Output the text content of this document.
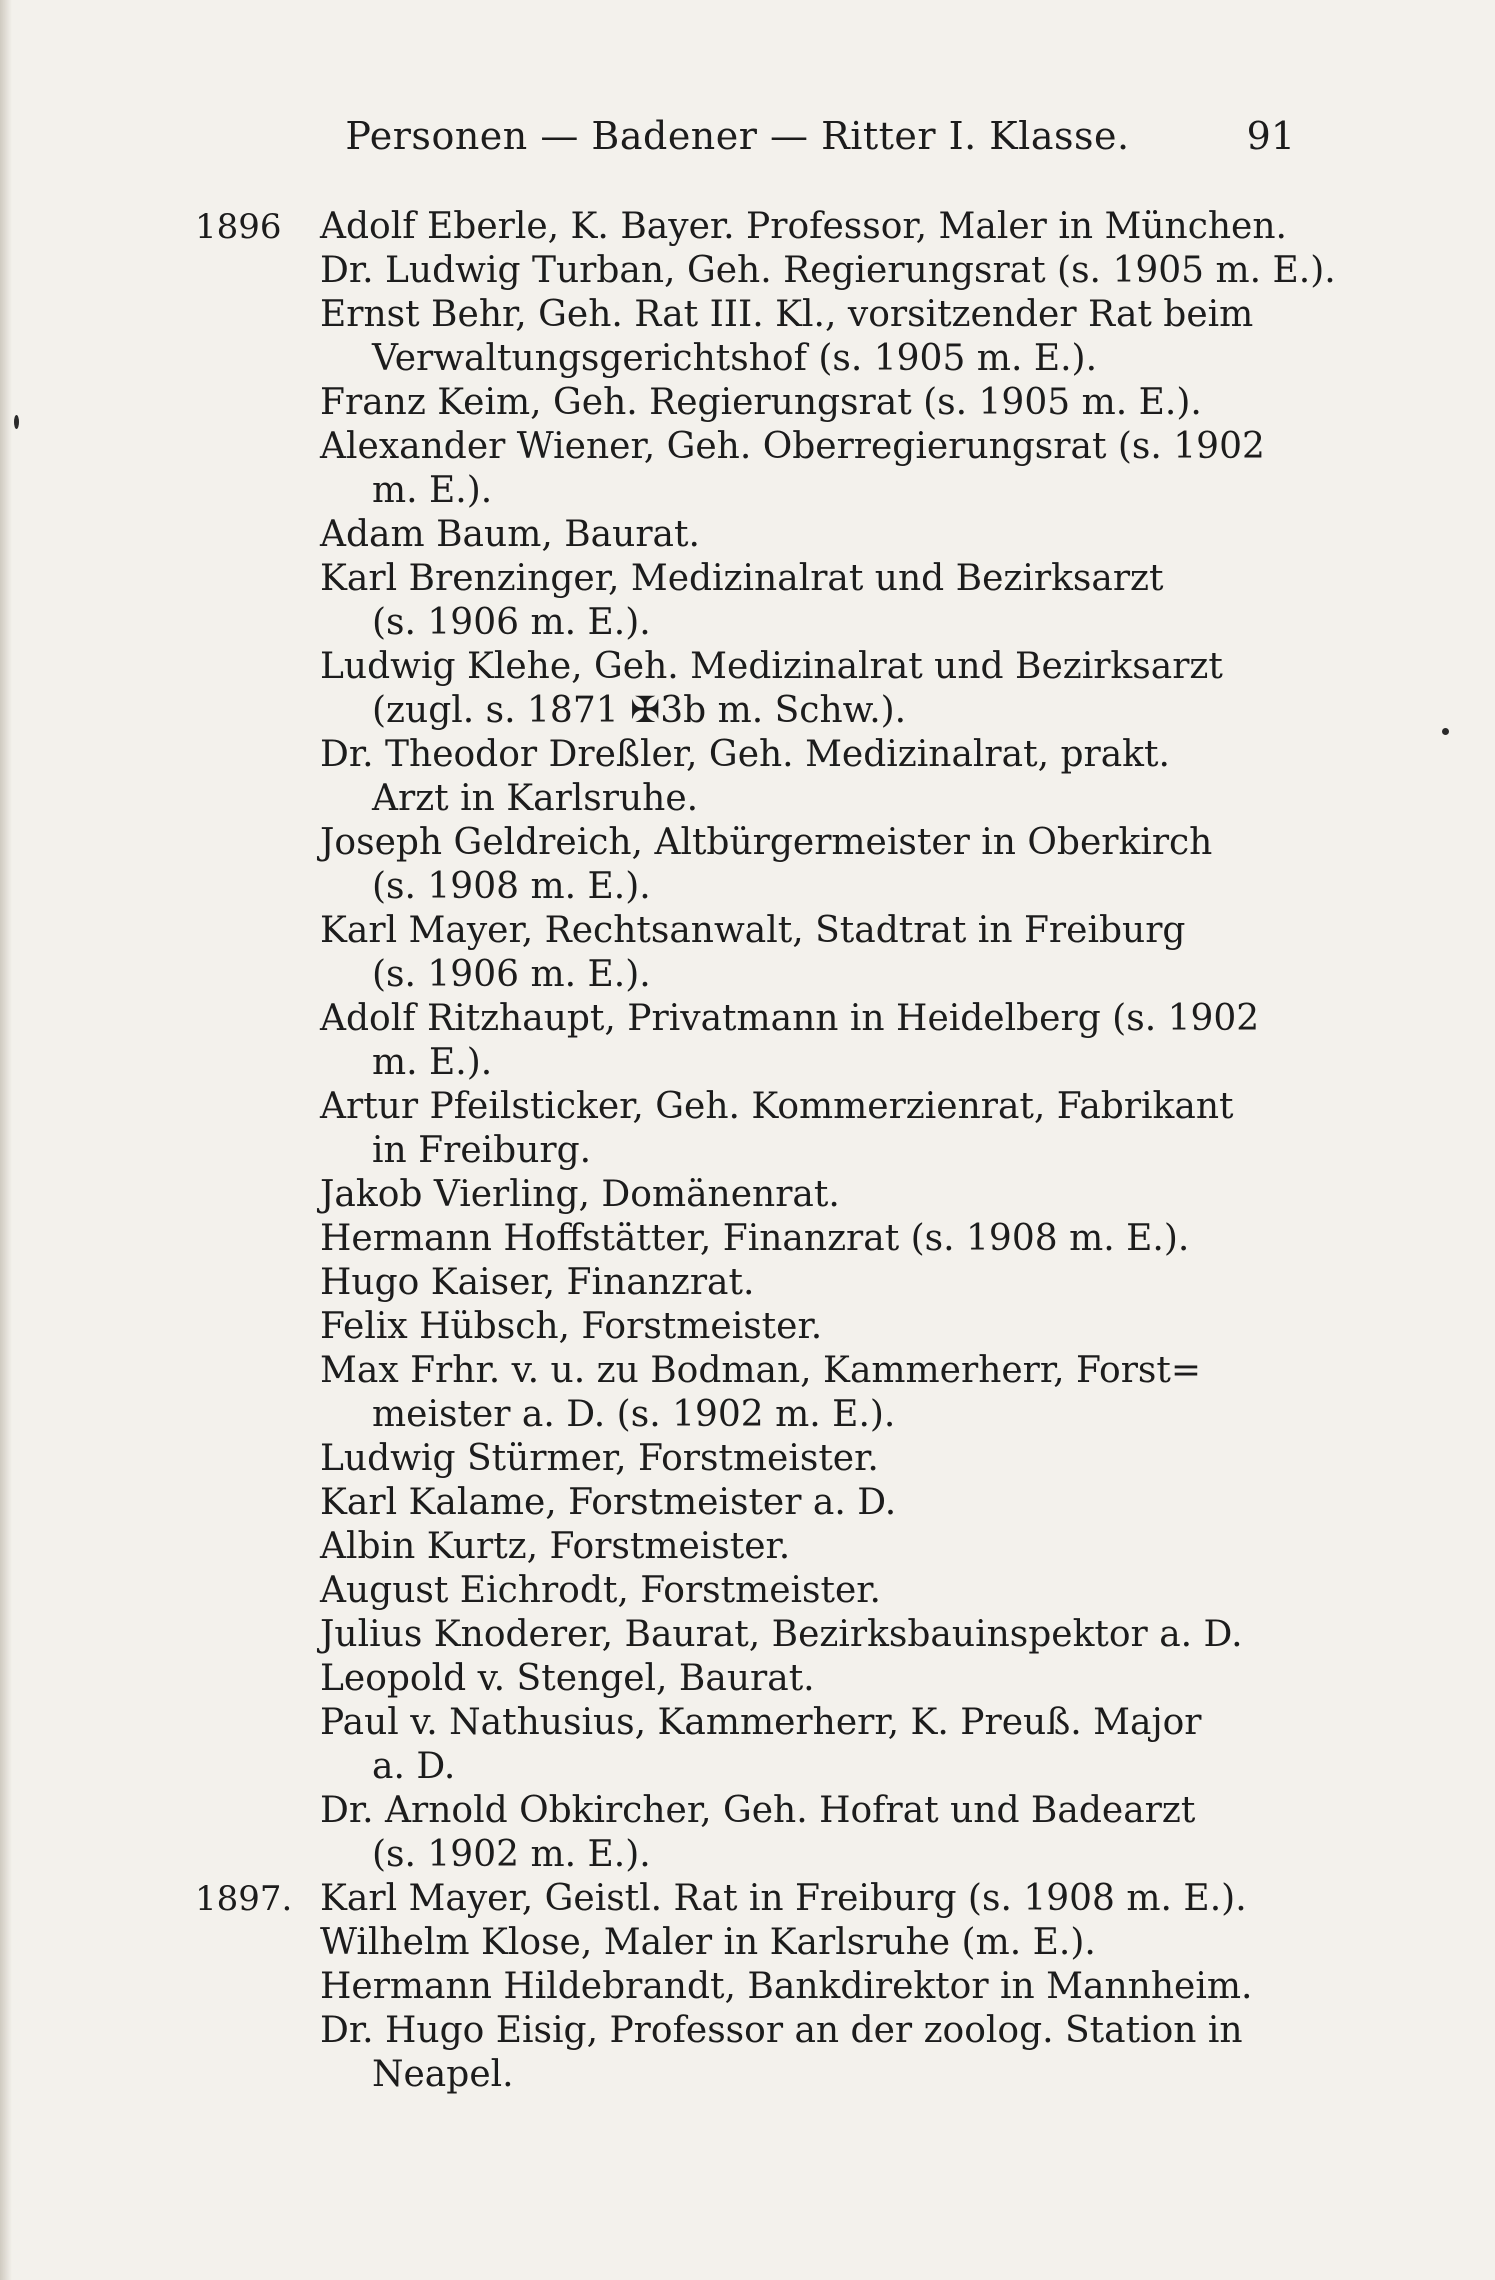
Personen — Badener — Ritter I. Klasse.	91
1896	Adolf Eberle, K. Bayer. Professor, Maler in München.
Dr. Ludwig Turban, Geh. Regierungsrat (s. 1905 m. E.).
Ernst Behr, Geh. Rat III. Kl., vorsitzender Rat beim
Verwaltungsgerichtshof (s. 1905 m. E.).
Franz Keim, Geh. Regierungsrat (s. 1905 m. E.).
Alexander Wiener, Geh. Oberregierungsrat (s. 1902
m. E.).
Adam Baum, Baurat.
Karl Brenzinger, Medizinalrat und Bezirksarzt
(s. 1906 m. E.).
Ludwig Klehe, Geh. Medizinalrat und Bezirksarzt
(zugl. s. 1871 ✠3b m. Schw.).
Dr. Theodor Dreßler, Geh. Medizinalrat, prakt.
Arzt in Karlsruhe.
Joseph Geldreich, Altbürgermeister in Oberkirch
(s. 1908 m. E.).
Karl Mayer, Rechtsanwalt, Stadtrat in Freiburg
(s. 1906 m. E.).
Adolf Ritzhaupt, Privatmann in Heidelberg (s. 1902
m. E.).
Artur Pfeilsticker, Geh. Kommerzienrat, Fabrikant
in Freiburg.
Jakob Vierling, Domänenrat.
Hermann Hoffstätter, Finanzrat (s. 1908 m. E.).
Hugo Kaiser, Finanzrat.
Felix Hübsch, Forstmeister.
Max Frhr. v. u. zu Bodman, Kammerherr, Forst=
meister a. D. (s. 1902 m. E.).
Ludwig Stürmer, Forstmeister.
Karl Kalame, Forstmeister a. D.
Albin Kurtz, Forstmeister.
August Eichrodt, Forstmeister.
Julius Knoderer, Baurat, Bezirksbauinspektor a. D.
Leopold v. Stengel, Baurat.
Paul v. Nathusius, Kammerherr, K. Preuß. Major
a. D.
Dr. Arnold Obkircher, Geh. Hofrat und Badearzt
(s. 1902 m. E.).
1897. Karl Mayer, Geistl. Rat in Freiburg (s. 1908 m. E.).
Wilhelm Klose, Maler in Karlsruhe (m. E.).
Hermann Hildebrandt, Bankdirektor in Mannheim.
Dr. Hugo Eisig, Professor an der zoolog. Station in
Neapel.
